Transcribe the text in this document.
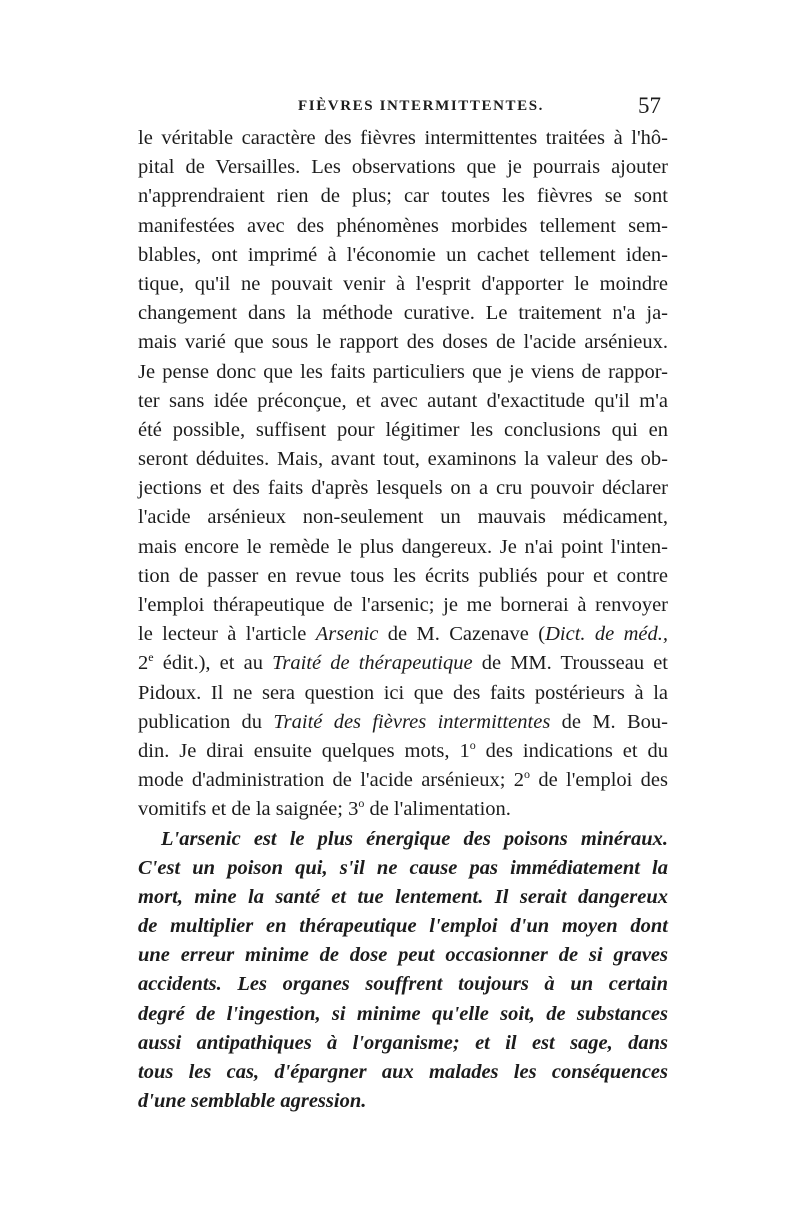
FIÈVRES INTERMITTENTES.	57
le véritable caractère des fièvres intermittentes traitées à l'hô-
pital de Versailles. Les observations que je pourrais ajouter
n'apprendraient rien de plus; car toutes les fièvres se sont
manifestées avec des phénomènes morbides tellement sem-
blables, ont imprimé à l'économie un cachet tellement iden-
tique, qu'il ne pouvait venir à l'esprit d'apporter le moindre
changement dans la méthode curative. Le traitement n'a ja-
mais varié que sous le rapport des doses de l'acide arsénieux.
Je pense donc que les faits particuliers que je viens de rappor-
ter sans idée préconçue, et avec autant d'exactitude qu'il m'a
été possible, suffisent pour légitimer les conclusions qui en
seront déduites. Mais, avant tout, examinons la valeur des ob-
jections et des faits d'après lesquels on a cru pouvoir déclarer
l'acide arsénieux non-seulement un mauvais médicament,
mais encore le remède le plus dangereux. Je n'ai point l'inten-
tion de passer en revue tous les écrits publiés pour et contre
l'emploi thérapeutique de l'arsenic; je me bornerai à renvoyer
le lecteur à l'article Arsenic de M. Cazenave (Dict. de méd.,
2e édit.), et au Traité de thérapeutique de MM. Trousseau et
Pidoux. Il ne sera question ici que des faits postérieurs à la
publication du Traité des fièvres intermittentes de M. Bou-
din. Je dirai ensuite quelques mots, 1$^o$ des indications et du
mode d'administration de l'acide arsénieux; 2$^o$ de l'emploi des
vomitifs et de la saignée; 3$^o$ de l'alimentation.
L'arsenic est le plus énergique des poisons minéraux.
C'est un poison qui, s'il ne cause pas immédiatement la
mort, mine la santé et tue lentement. Il serait dangereux
de multiplier en thérapeutique l'emploi d'un moyen dont
une erreur minime de dose peut occasionner de si graves
accidents. Les organes souffrent toujours à un certain
degré de l'ingestion, si minime qu'elle soit, de substances
aussi antipathiques à l'organisme; et il est sage, dans
tous les cas, d'épargner aux malades les conséquences
d'une semblable agression.
